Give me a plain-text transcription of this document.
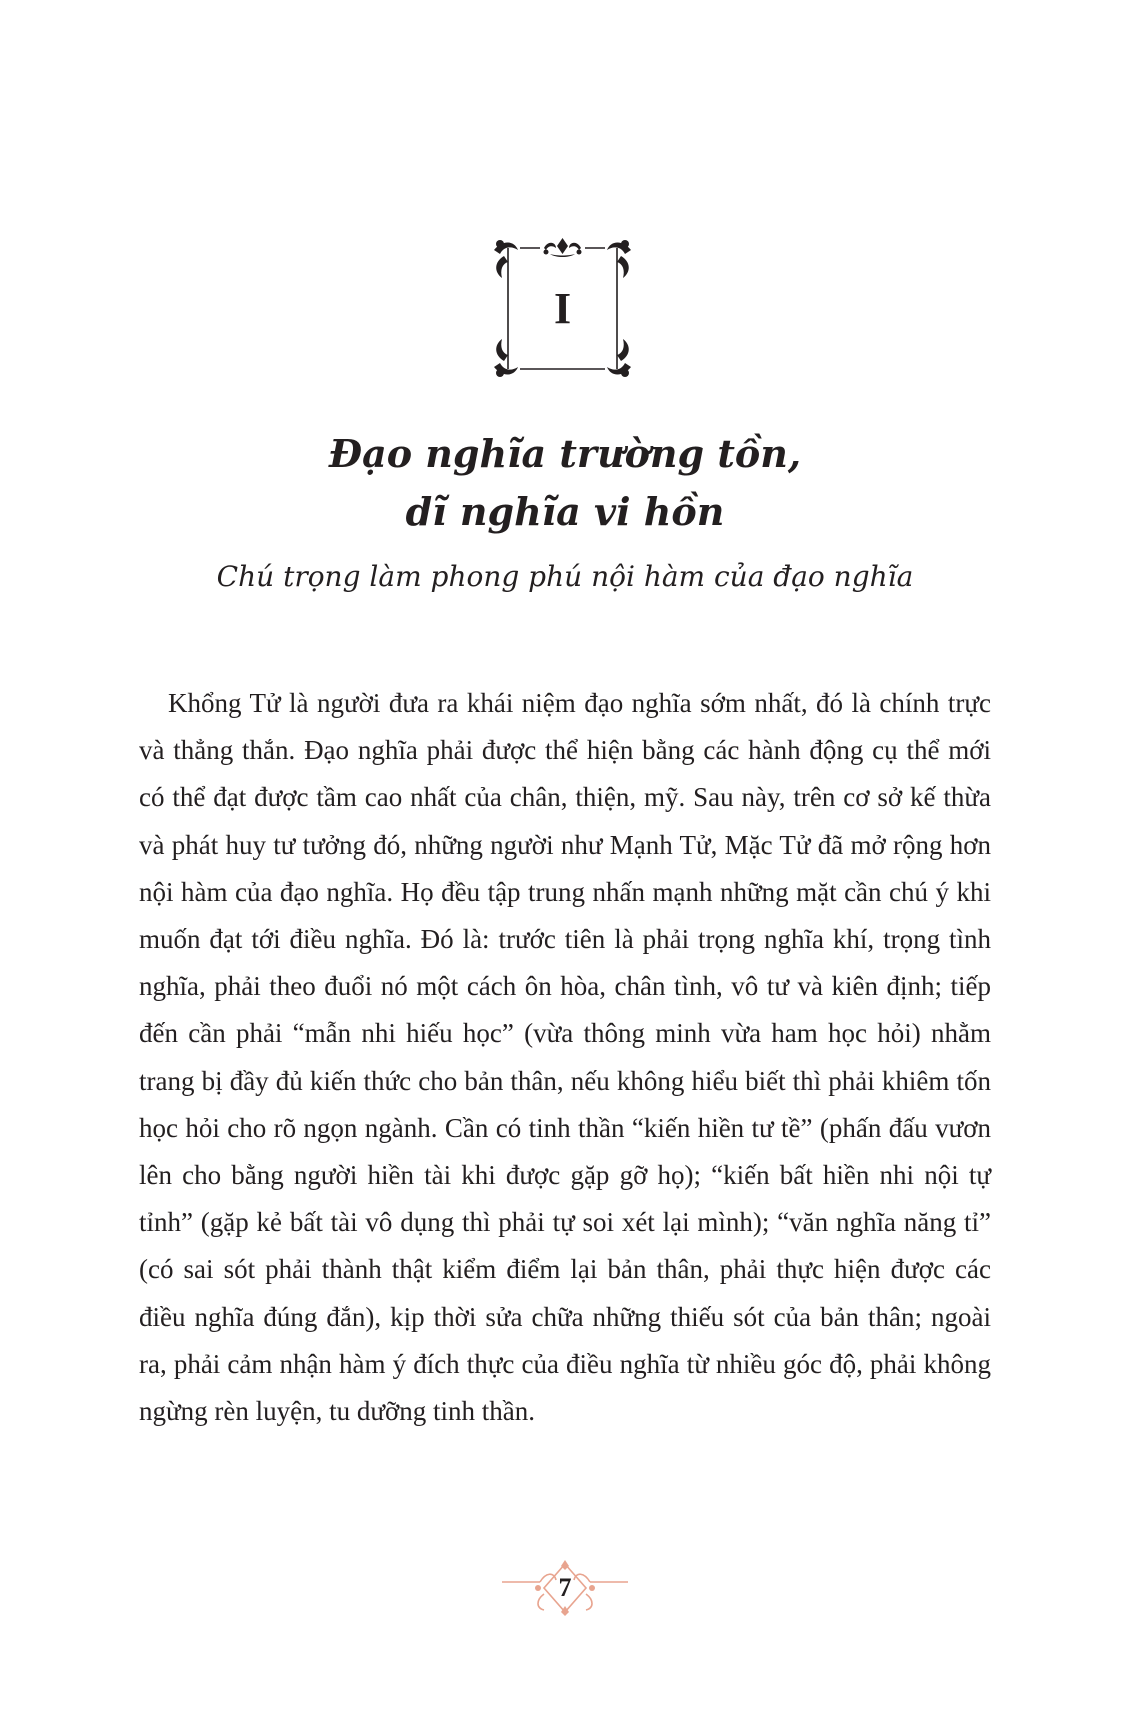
I
Đạo nghĩa trường tồn,
dĩ nghĩa vi hồn
Chú trọng làm phong phú nội hàm của đạo nghĩa

Khổng Tử là người đưa ra khái niệm đạo nghĩa sớm nhất, đó là chính trực và thẳng thắn. Đạo nghĩa phải được thể hiện bằng các hành động cụ thể mới có thể đạt được tầm cao nhất của chân, thiện, mỹ. Sau này, trên cơ sở kế thừa và phát huy tư tưởng đó, những người như Mạnh Tử, Mặc Tử đã mở rộng hơn nội hàm của đạo nghĩa. Họ đều tập trung nhấn mạnh những mặt cần chú ý khi muốn đạt tới điều nghĩa. Đó là: trước tiên là phải trọng nghĩa khí, trọng tình nghĩa, phải theo đuổi nó một cách ôn hòa, chân tình, vô tư và kiên định; tiếp đến cần phải “mẫn nhi hiếu học” (vừa thông minh vừa ham học hỏi) nhằm trang bị đầy đủ kiến thức cho bản thân, nếu không hiểu biết thì phải khiêm tốn học hỏi cho rõ ngọn ngành. Cần có tinh thần “kiến hiền tư tề” (phấn đấu vươn lên cho bằng người hiền tài khi được gặp gỡ họ); “kiến bất hiền nhi nội tự tỉnh” (gặp kẻ bất tài vô dụng thì phải tự soi xét lại mình); “văn nghĩa năng tỉ” (có sai sót phải thành thật kiểm điểm lại bản thân, phải thực hiện được các điều nghĩa đúng đắn), kịp thời sửa chữa những thiếu sót của bản thân; ngoài ra, phải cảm nhận hàm ý đích thực của điều nghĩa từ nhiều góc độ, phải không ngừng rèn luyện, tu dưỡng tinh thần.

7
